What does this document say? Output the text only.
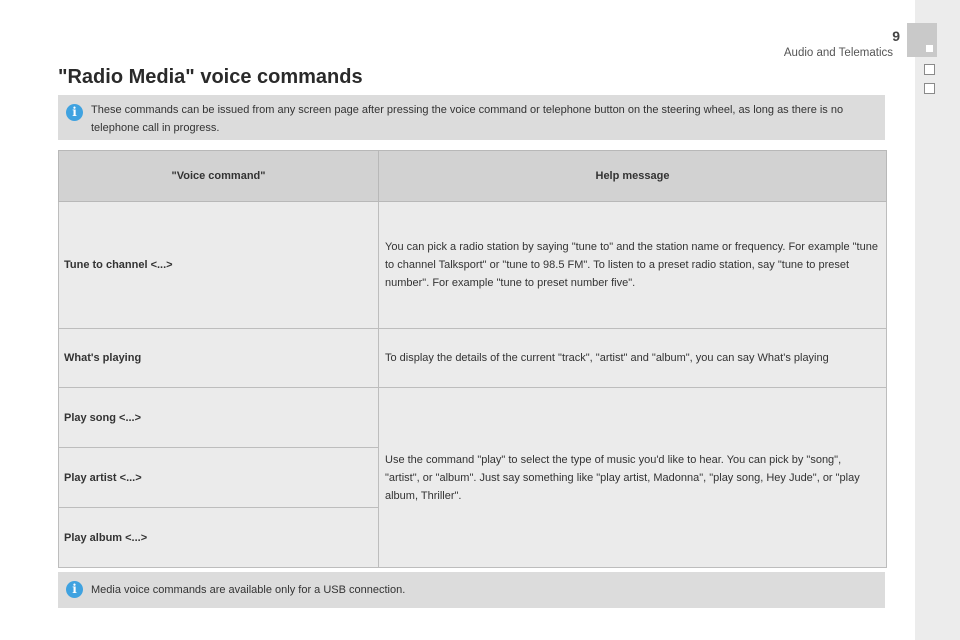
9
Audio and Telematics
"Radio Media" voice commands
i	These commands can be issued from any screen page after pressing the voice command or telephone button on the steering wheel, as long as there is no telephone call in progress.
"Voice command"	Help message
Tune to channel <...>	You can pick a radio station by saying "tune to" and the station name or frequency. For example "tune to channel Talksport" or "tune to 98.5 FM". To listen to a preset radio station, say "tune to preset number". For example "tune to preset number five".
What's playing	To display the details of the current "track", "artist" and "album", you can say What's playing
Play song <...>	Use the command "play" to select the type of music you'd like to hear. You can pick by "song", "artist", or "album". Just say something like "play artist, Madonna", "play song, Hey Jude", or "play album, Thriller".
Play artist <...>	
Play album <...>	
i	Media voice commands are available only for a USB connection.
